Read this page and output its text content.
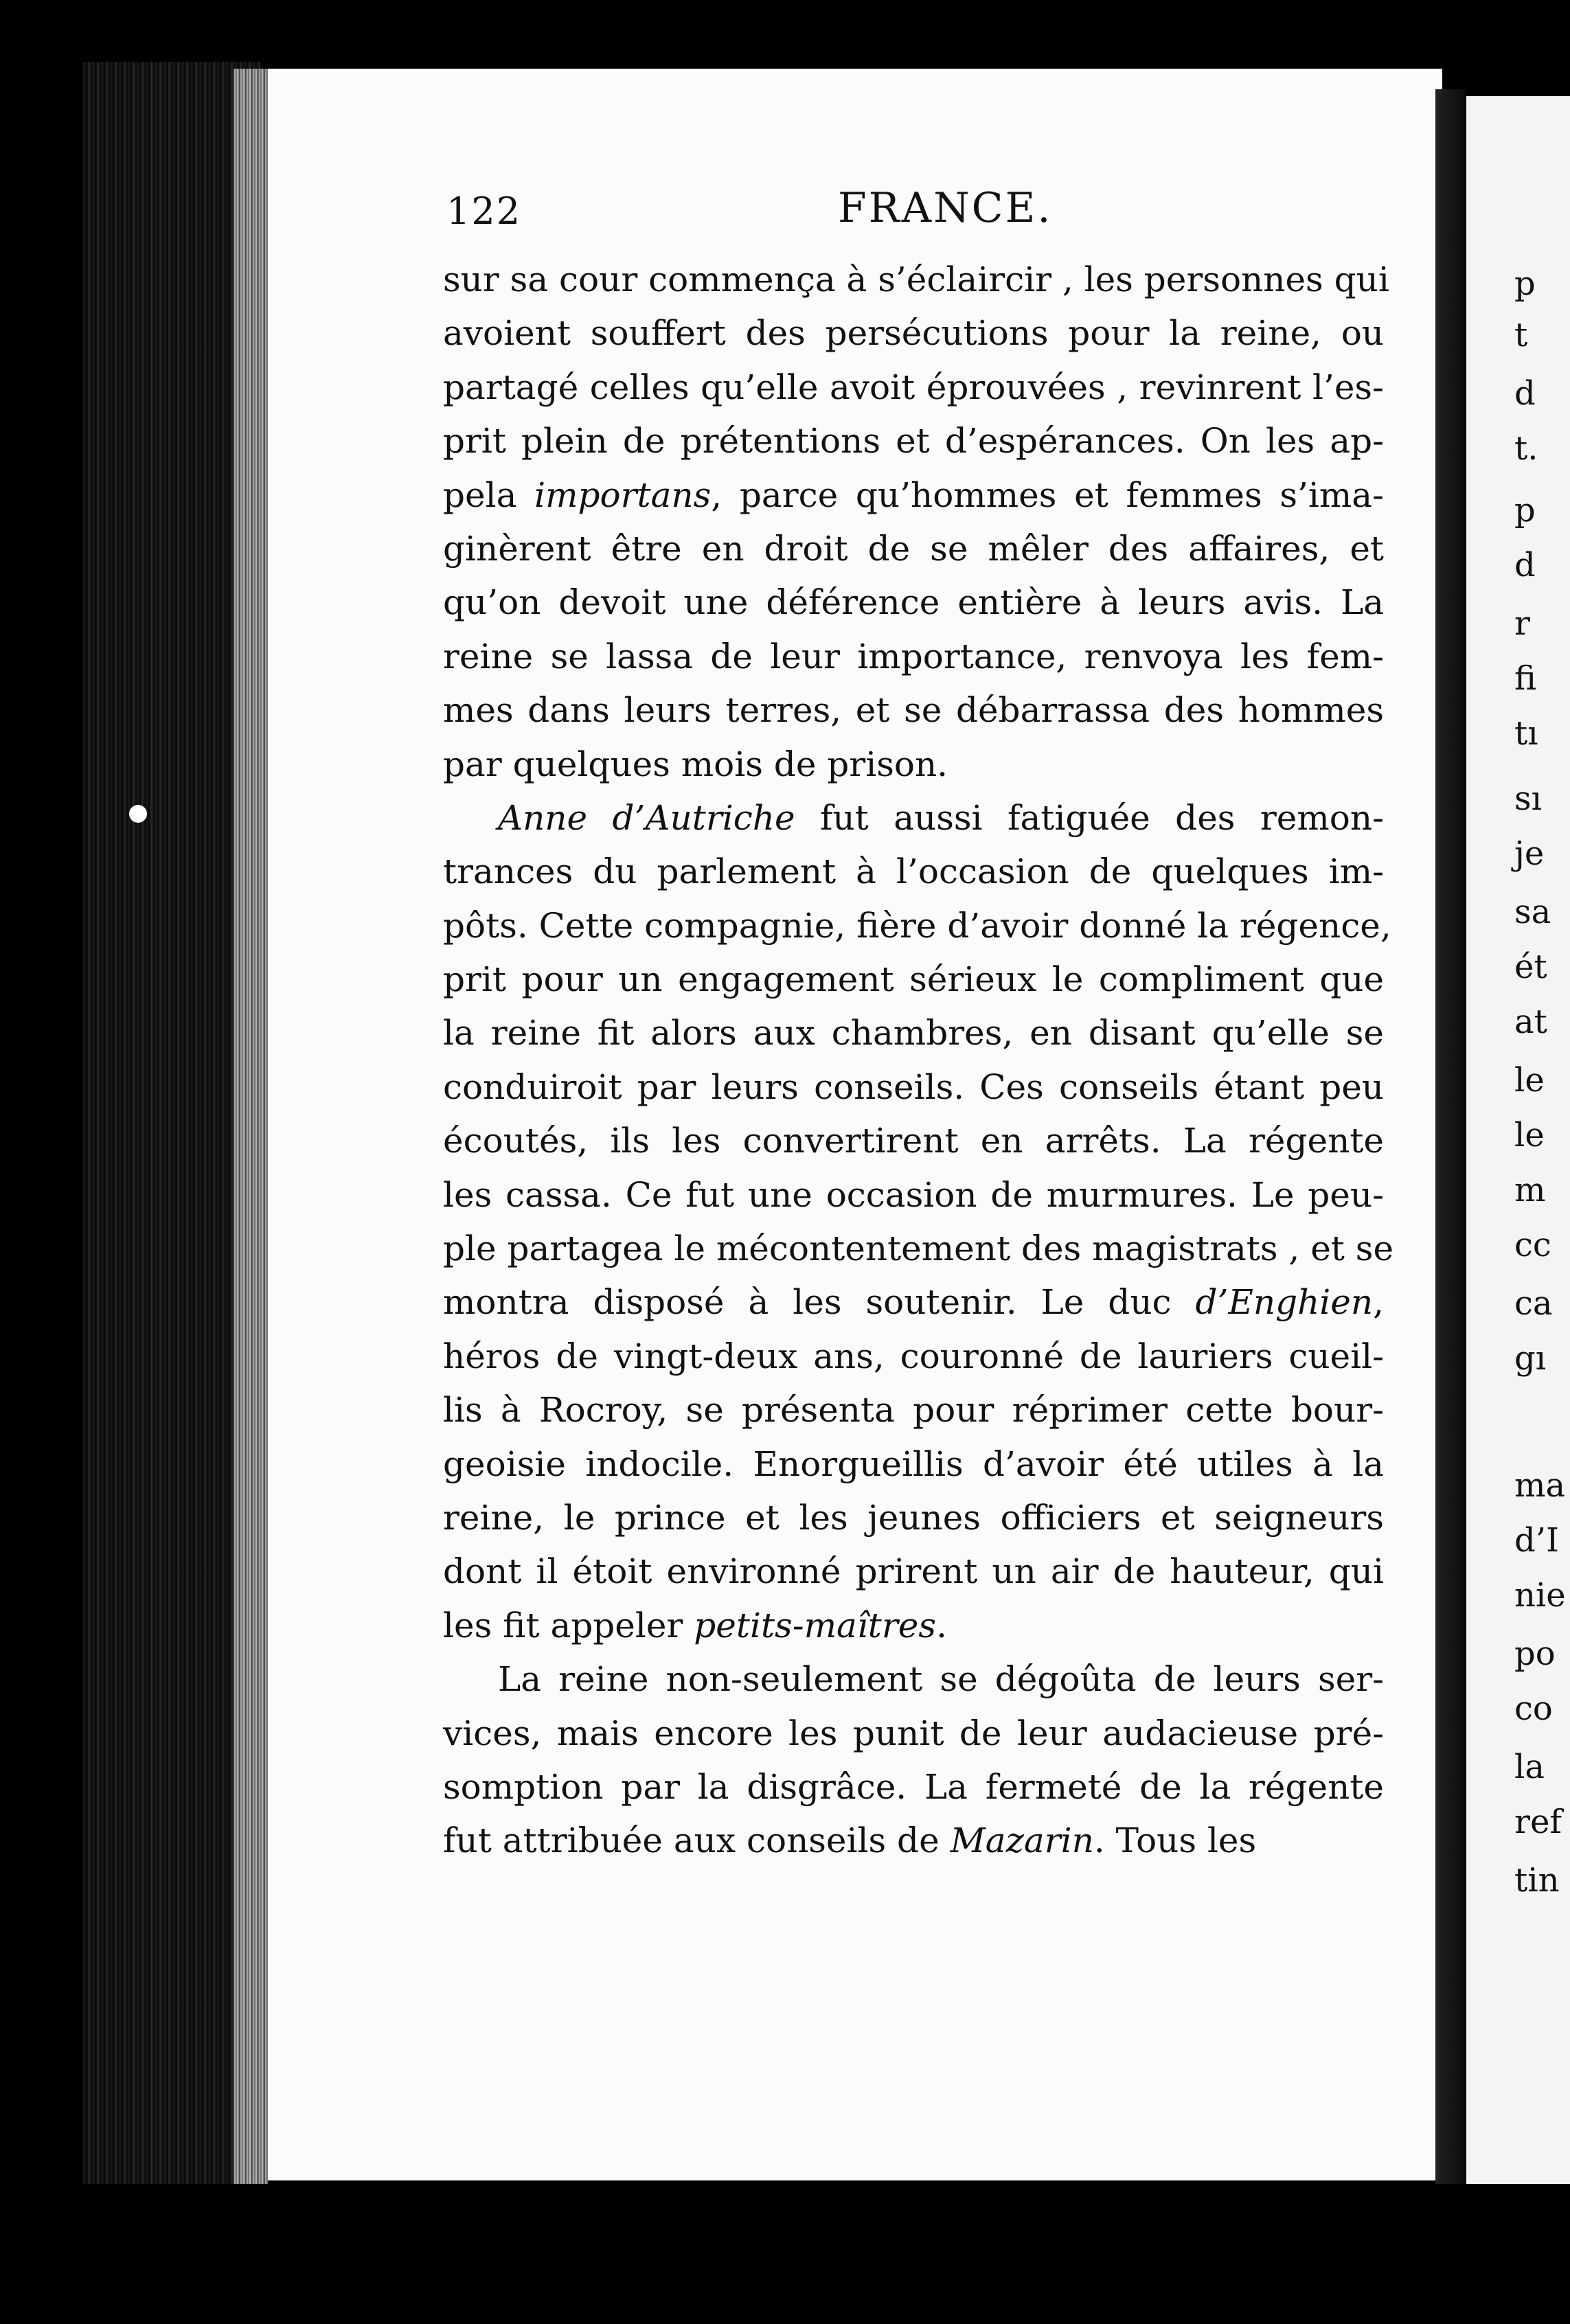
122	FRANCE.
sur sa cour commença à s’éclaircir , les personnes qui
avoient souffert des persécutions pour la reine, ou
partagé celles qu’elle avoit éprouvées , revinrent l’es-
prit plein de prétentions et d’espérances. On les ap-
pela importans, parce qu’hommes et femmes s’ima-
ginèrent être en droit de se mêler des affaires, et
qu’on devoit une déférence entière à leurs avis. La
reine se lassa de leur importance, renvoya les fem-
mes dans leurs terres, et se débarrassa des hommes
par quelques mois de prison.
Anne d’Autriche fut aussi fatiguée des remon-
trances du parlement à l’occasion de quelques im-
pôts. Cette compagnie, fière d’avoir donné la régence,
prit pour un engagement sérieux le compliment que
la reine fit alors aux chambres, en disant qu’elle se
conduiroit par leurs conseils. Ces conseils étant peu
écoutés, ils les convertirent en arrêts. La régente
les cassa. Ce fut une occasion de murmures. Le peu-
ple partagea le mécontentement des magistrats , et se
montra disposé à les soutenir. Le duc d’Enghien,
héros de vingt-deux ans, couronné de lauriers cueil-
lis à Rocroy, se présenta pour réprimer cette bour-
geoisie indocile. Enorgueillis d’avoir été utiles à la
reine, le prince et les jeunes officiers et seigneurs
dont il étoit environné prirent un air de hauteur, qui
les fit appeler petits-maîtres.
La reine non-seulement se dégoûta de leurs ser-
vices, mais encore les punit de leur audacieuse pré-
somption par la disgrâce. La fermeté de la régente
fut attribuée aux conseils de Mazarin. Tous les
p
t
d
t.
p
d
r
fi
tı
sı
je
sa
ét
at
le
le
m
cc
ca
gı
ma
d’I
nie
po
co
la
ref
tin
